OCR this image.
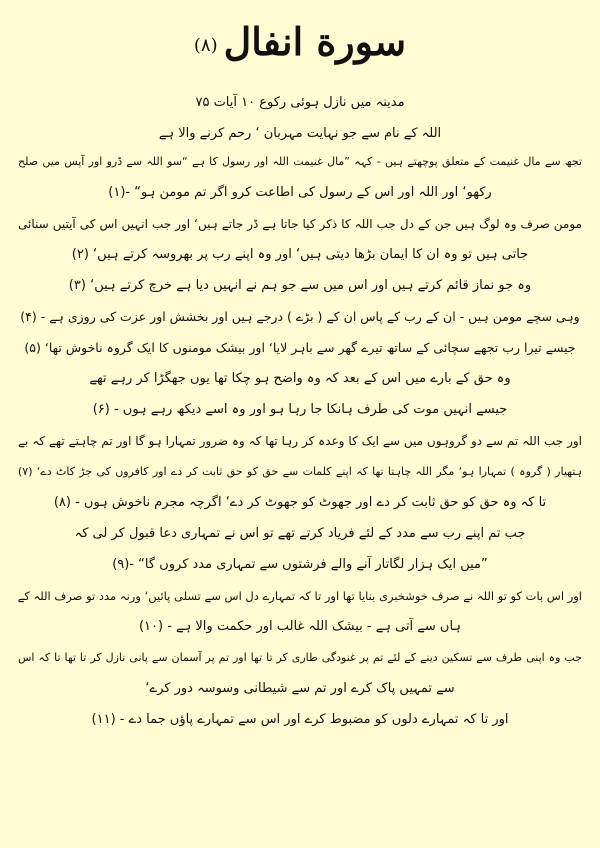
سورة انفال(۸)
مدینہ میں نازل ہوئی رکوع ۱۰ آیات ۷۵
اللہ کے نام سے جو نہایت مہربان ‘ رحم کرنے والا ہے
تجھ سے مال غنیمت کے متعلق پوچھتے ہیں - کہہ ”مال غنیمت اللہ اور رسول کا ہے “سو اللہ سے ڈرو اور آپس میں صلح
رکھو‘ اور اللہ اور اس کے رسول کی اطاعت کرو اگر تم مومن ہو“ -(۱)
مومن صرف وہ لوگ ہیں جن کے دل جب اللہ کا ذکر کیا جاتا ہے ڈر جاتے ہیں‘ اور جب انہیں اس کی آیتیں سنائی
جاتی ہیں تو وہ ان کا ایمان بڑھا دیتی ہیں‘ اور وہ اپنے رب پر بھروسہ کرتے ہیں‘ (۲)
وہ جو نماز قائم کرتے ہیں اور اس میں سے جو ہم نے انہیں دیا ہے خرچ کرتے ہیں‘ (۳)
وہی سچے مومن ہیں - ان کے رب کے پاس ان کے ( بڑے ) درجے ہیں اور بخشش اور عزت کی روزی ہے - (۴)
جیسے تیرا رب تجھے سچائی کے ساتھ تیرے گھر سے باہر لایا‘ اور بیشک مومنوں کا ایک گروہ ناخوش تھا‘ (۵)
وہ حق کے بارے میں اس کے بعد کہ وہ واضح ہو چکا تھا یوں جھگڑا کر رہے تھے
جیسے انہیں موت کی طرف ہانکا جا رہا ہو اور وہ اسے دیکھ رہے ہوں - (۶)
اور جب اللہ تم سے دو گروہوں میں سے ایک کا وعدہ کر رہا تھا کہ وہ ضرور تمہارا ہو گا اور تم چاہتے تھے کہ بے
ہتھیار ( گروہ ) تمہارا ہو‘ مگر اللہ چاہتا تھا کہ اپنے کلمات سے حق کو حق ثابت کر دے اور کافروں کی جڑ کاٹ دے‘ (۷)
تا کہ وہ حق کو حق ثابت کر دے اور جھوٹ کو جھوٹ کر دے‘ اگرچہ مجرم ناخوش ہوں - (۸)
جب تم اپنے رب سے مدد کے لئے فریاد کرتے تھے تو اس نے تمہاری دعا قبول کر لی کہ
”میں ایک ہزار لگاتار آنے والے فرشتوں سے تمہاری مدد کروں گا“ -(۹)
اور اس بات کو تو اللہ نے صرف خوشخبری بنایا تھا اور تا کہ تمہارے دل اس سے تسلی پائیں‘ ورنہ مدد تو صرف اللہ کے
ہاں سے آتی ہے - بیشک اللہ غالب اور حکمت والا ہے - (۱۰)
جب وہ اپنی طرف سے تسکین دینے کے لئے تم پر غنودگی طاری کر تا تھا اور تم پر آسمان سے پانی نازل کر تا تھا تا کہ اس
سے تمہیں پاک کرے اور تم سے شیطانی وسوسہ دور کرے‘
اور تا کہ تمہارے دلوں کو مضبوط کرے اور اس سے تمہارے پاؤں جما دے - (۱۱)
